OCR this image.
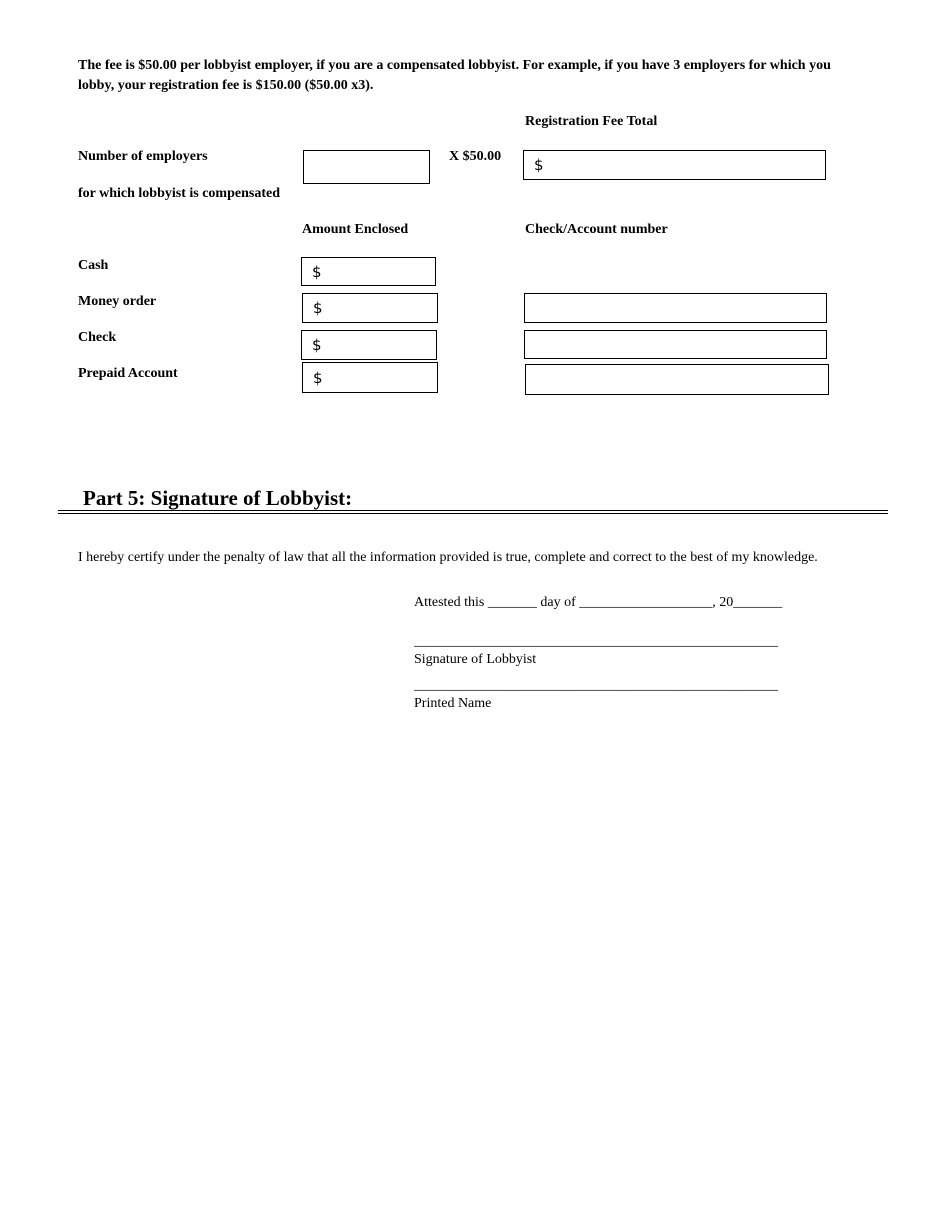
The fee is $50.00 per lobbyist employer, if you are a compensated lobbyist. For example, if you have 3 employers for which you lobby, your registration fee is $150.00 ($50.00 x3).
Registration Fee Total
Number of employers	X $50.00 $
for which lobbyist is compensated
Amount Enclosed	Check/Account number
Cash	$
Money order	$
Check	$
Prepaid Account	$
Part 5: Signature of Lobbyist:
I hereby certify under the penalty of law that all the information provided is true, complete and correct to the best of my knowledge.
Attested this _______ day of ___________________, 20_______
____________________________________________________
Signature of Lobbyist
____________________________________________________
Printed Name
